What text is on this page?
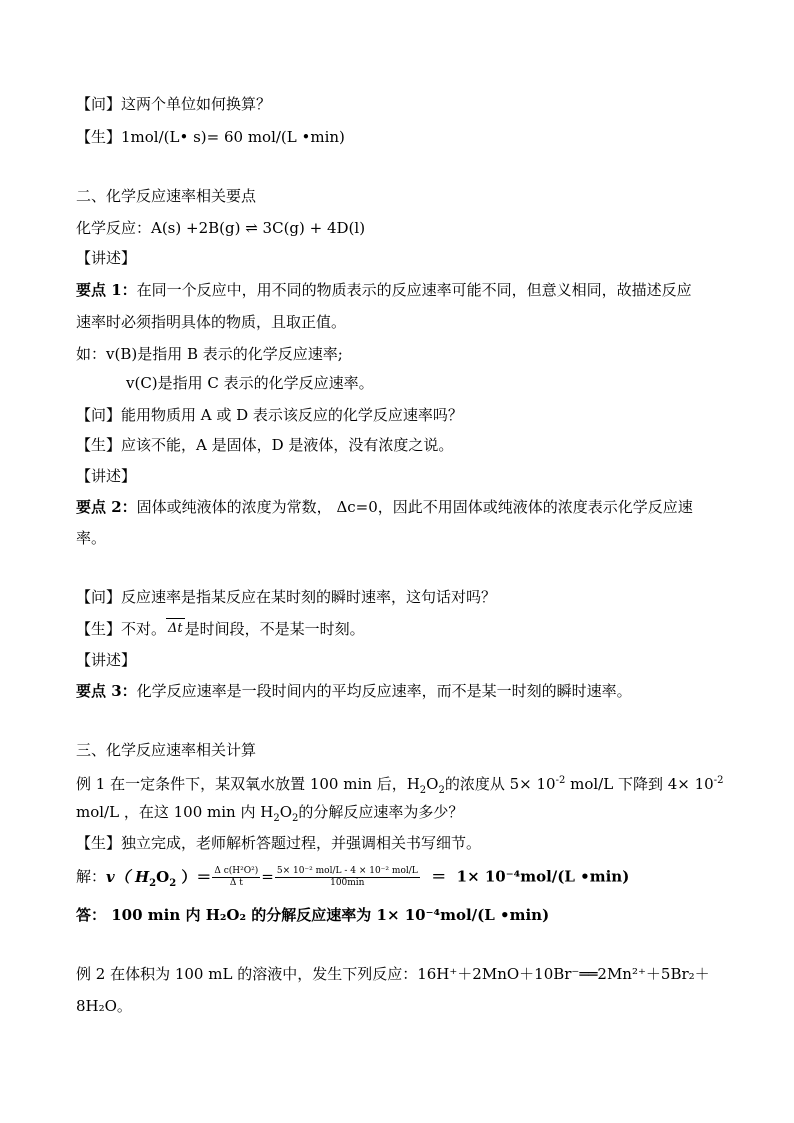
【问】这两个单位如何换算？
【生】1mol/(L• s)= 60 mol/(L •min)
二、化学反应速率相关要点
化学反应：A(s) +2B(g) ⇌ 3C(g) + 4D(l)
【讲述】
要点 1：在同一个反应中，用不同的物质表示的反应速率可能不同，但意义相同，故描述反应
速率时必须指明具体的物质，且取正值。
如：v(B)是指用 B 表示的化学反应速率;
v(C)是指用 C 表示的化学反应速率。
【问】能用物质用 A 或 D 表示该反应的化学反应速率吗？
【生】应该不能，A 是固体，D 是液体，没有浓度之说。
【讲述】
要点 2：固体或纯液体的浓度为常数， Δc=0，因此不用固体或纯液体的浓度表示化学反应速
率。
【问】反应速率是指某反应在某时刻的瞬时速率，这句话对吗？
【生】不对。 Δt 是时间段，不是某一时刻。
【讲述】
要点 3：化学反应速率是一段时间内的平均反应速率，而不是某一时刻的瞬时速率。
三、化学反应速率相关计算
例 1 在一定条件下，某双氧水放置 100 min 后，$H_2O_2$的浓度从 $5\times 10^{-2}$ mol/L 下降到 $4\times 10^{-2}$
mol/L ，在这 100 min 内 $H_2O_2$的分解反应速率为多少？
【生】独立完成，老师解析答题过程，并强调相关书写细节。
解：v（ $H_2O_2$ ）＝ $\frac{\text{Δ c(H²O²)}}{\text{Δ t}} = \frac{\text{5× 10⁻² mol/L - 4 × 10⁻² mol/L}}{100\min} = 1\times 10^{-4}mol/(L$ •min)
答： 100 min 内 H₂O₂ 的分解反应速率为 1× 10⁻⁴mol/(L •min)
例 2 在体积为 100 mL 的溶液中，发生下列反应：16H⁺＋2MnO＋10Br⁻══2Mn²⁺＋5Br₂＋
8H₂O。
